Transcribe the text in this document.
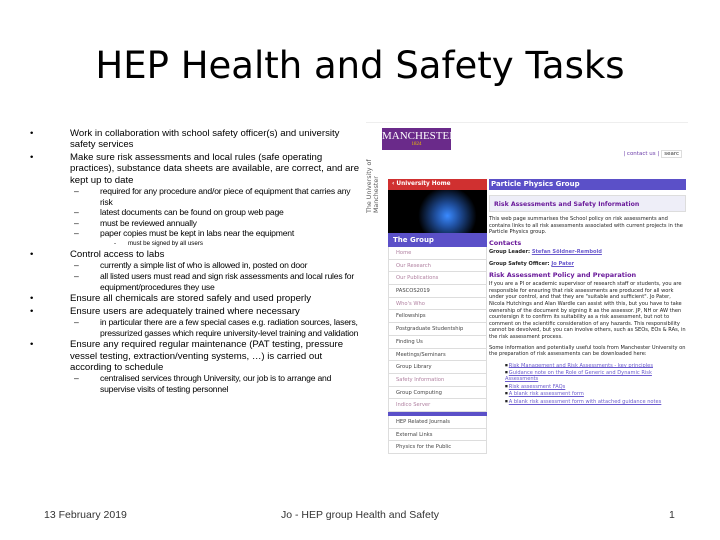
HEP Health and Safety Tasks
• Work in collaboration with school safety officer(s) and university safety services
• Make sure risk assessments and local rules (safe operating practices), substance data sheets are available, are correct, and are kept up to date
– required for any procedure and/or piece of equipment that carries any risk
– latest documents can be found on group web page
– must be reviewed annually
– paper copies must be kept in labs near the equipment
- must be signed by all users
• Control access to labs
– currently a simple list of who is allowed in, posted on door
– all listed users must read and sign risk assessments and local rules for equipment/procedures they use
• Ensure all chemicals are stored safely and used properly
• Ensure users are adequately trained where necessary
– in particular there are a few special cases e.g. radiation sources, lasers, pressurized gasses which require university-level training and validation
• Ensure any required regular maintenance (PAT testing, pressure vessel testing, extraction/venting systems, …) is carried out according to schedule
– centralised services through University, our job is to arrange and supervise visits of testing personnel
MANCHESTER
1824
The University of Manchester
| contact us | searc
‹ University Home
The Group
Home
Our Research
Our Publications
PASCOS2019
Who's Who
Fellowships
Postgraduate Studentship
Finding Us
Meetings/Seminars
Group Library
Safety Information
Group Computing
Indico Server
HEP Related Journals
External Links
Physics for the Public
Particle Physics Group
Risk Assessments and Safety Information
This web page summarises the School policy on risk assessments and contains links to all risk assessments associated with current projects in the Particle Physics group.
Contacts
Group Leader: Stefan Söldner-Rembold
Group Safety Officer: Jo Pater
Risk Assessment Policy and Preparation
If you are a PI or academic supervisor of research staff or students, you are responsible for ensuring that risk assessments are produced for all work under your control, and that they are "suitable and sufficient". Jo Pater, Nicola Hutchings and Alan Wardle can assist with this, but you have to take ownership of the document by signing it as the assessor. JP, NH or AW then countersign it to confirm its suitability as a risk assessment, but not to comment on the scientific consideration of any hazards. This responsibility cannot be devolved, but you can involve others, such as SEOs, EOs & RAs, in the risk assessment process.
Some information and potentially useful tools from Manchester University on the preparation of risk assessments can be downloaded here:
■ Risk Management and Risk Assessments - key principles
■ Guidance note on the Role of Generic and Dynamic Risk Assessments
■ Risk assessment FAQs
■ A blank risk assessment form
■ A blank risk assessment form with attached guidance notes
13 February 2019	Jo - HEP group Health and Safety	1
